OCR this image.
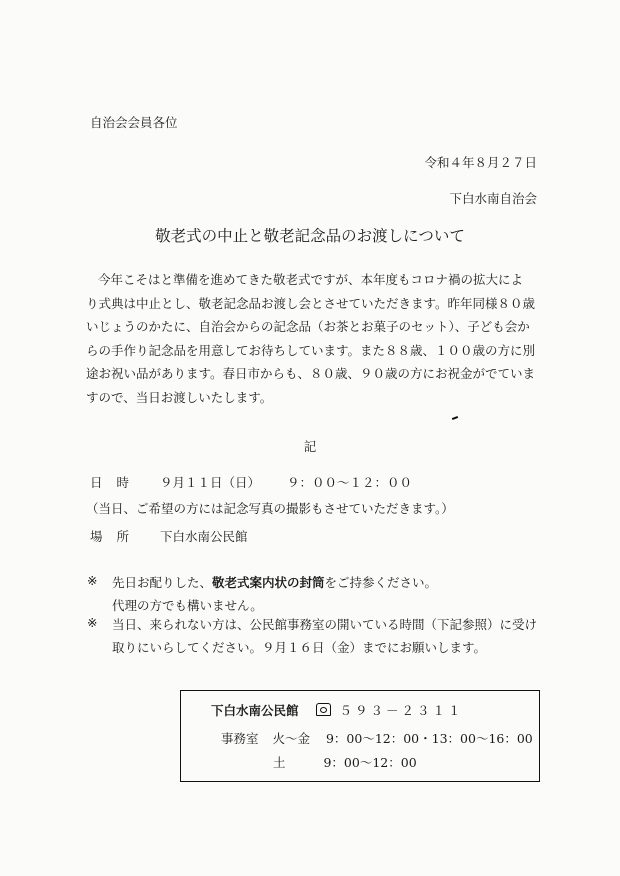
自治会会員各位
令和４年８月２７日
下白水南自治会
敬老式の中止と敬老記念品のお渡しについて
今年こそはと準備を進めてきた敬老式ですが、本年度もコロナ禍の拡大によ
り式典は中止とし、敬老記念品お渡し会とさせていただきます。昨年同様８０歳
いじょうのかたに、自治会からの記念品（お茶とお菓子のセット）、子ども会か
らの手作り記念品を用意してお待ちしています。また８８歳、１００歳の方に別
途お祝い品があります。春日市からも、８０歳、９０歳の方にお祝金がでていま
すので、当日お渡しいたします。
記
日時 ９月１１日（日） ９：００～１２：００
（当日、ご希望の方には記念写真の撮影もさせていただきます。）
場所 下白水南公民館
※ 先日お配りした、敬老式案内状の封筒をご持参ください。
代理の方でも構いません。
※ 当日、来られない方は、公民館事務室の開いている時間（下記参照）に受け
取りにいらしてください。９月１６日（金）までにお願いします。
下白水南公民館	５９３－２３１１
事務室 火～金 9：00～12：00・13：00～16：00
土	9：00～12：00
